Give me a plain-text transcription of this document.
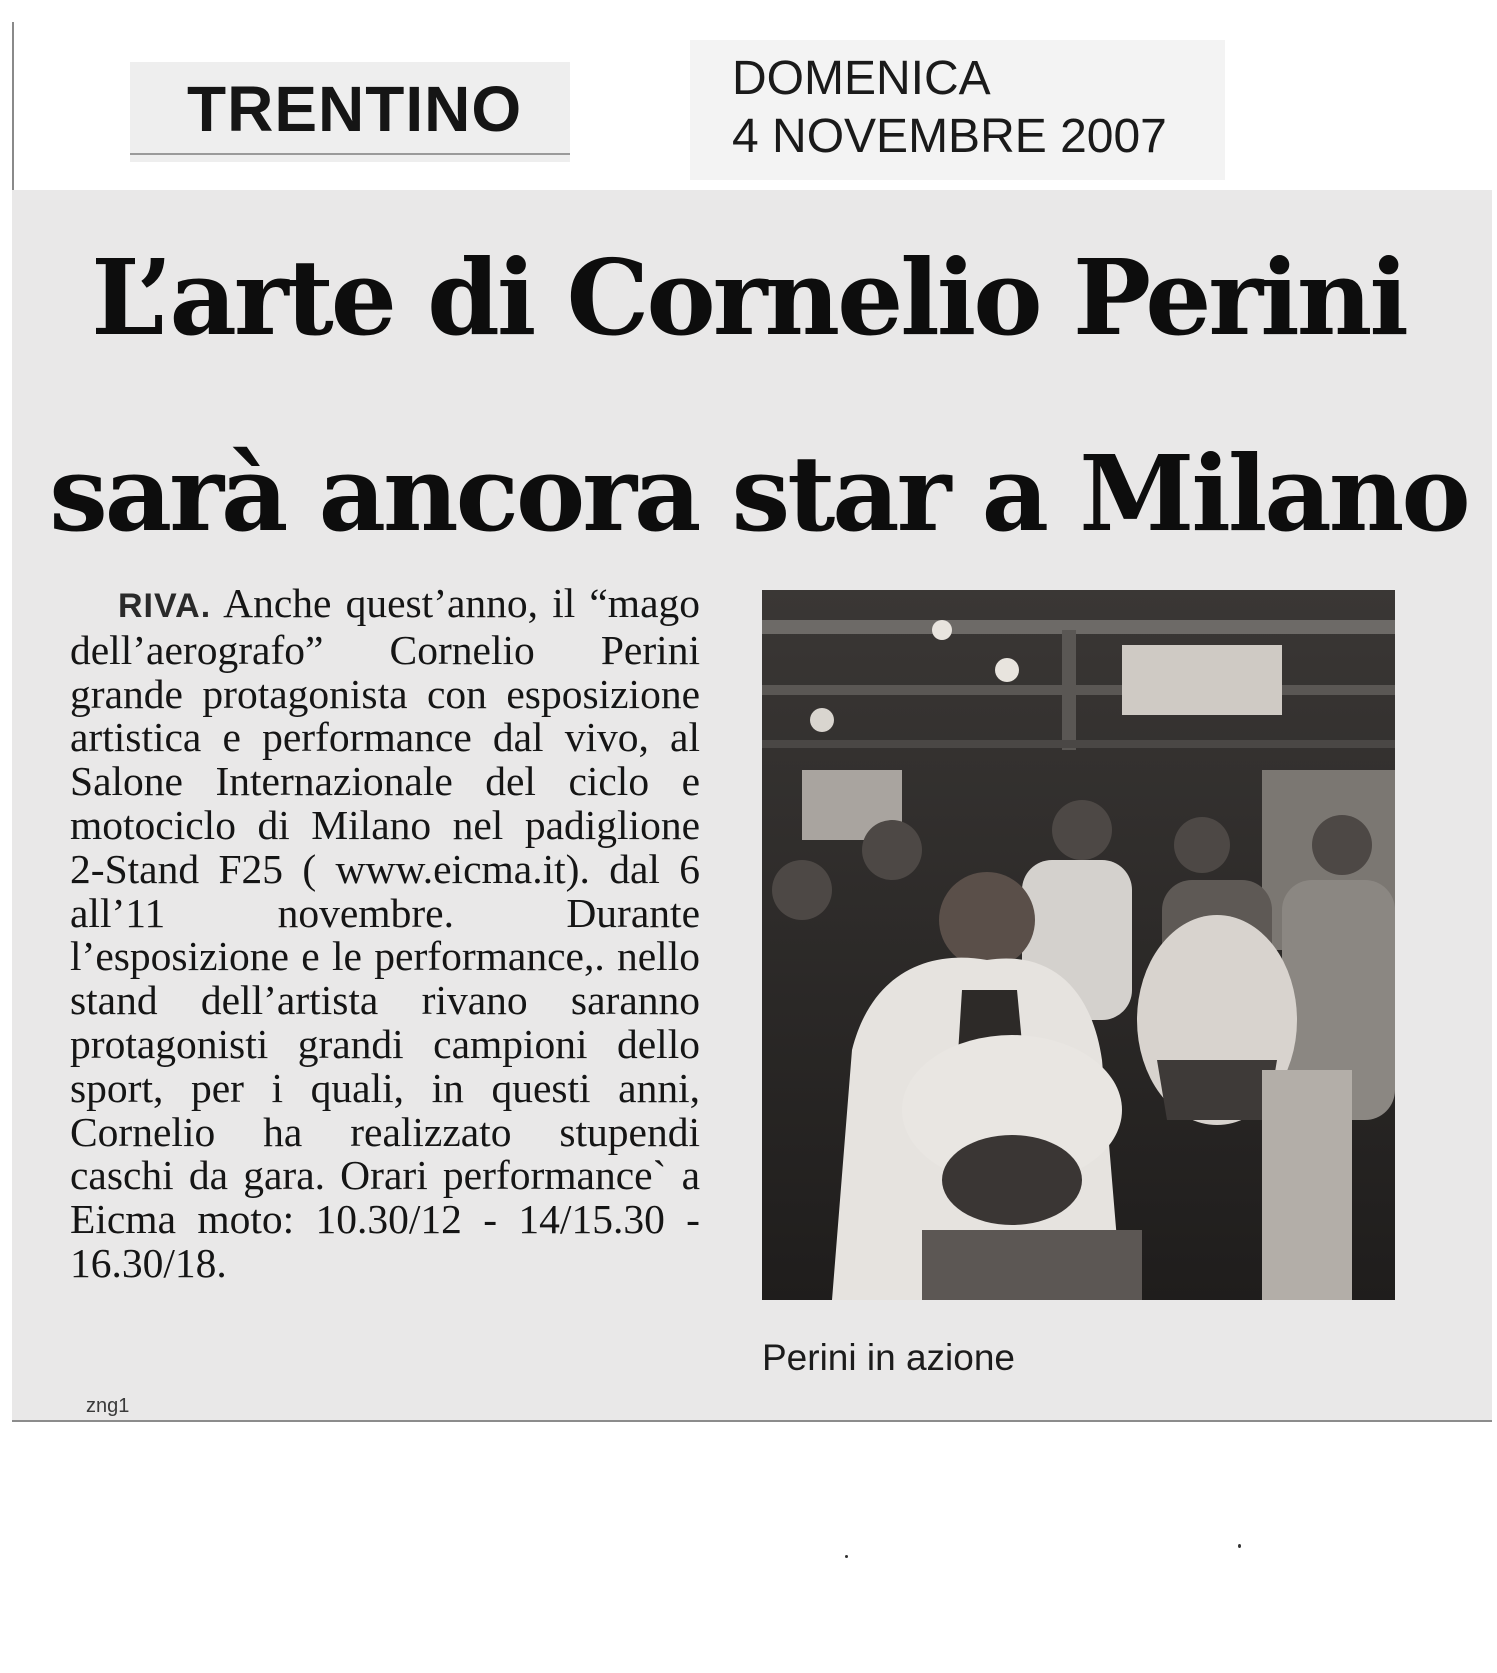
TRENTINO	DOMENICA
4 NOVEMBRE 2007
L’arte di Cornelio Perini
sarà ancora star a Milano

RIVA. Anche quest’anno, il “mago dell’aerografo” Cornelio Perini grande protagonista con esposizione artistica e performance dal vivo, al Salone Internazionale del ciclo e motociclo di Milano nel padiglione 2-Stand F25 ( www.eicma.it). dal 6 all’11 novembre. Durante l’esposizione e le performance,. nello stand dell’artista rivano saranno protagonisti grandi campioni dello sport, per i quali, in questi anni, Cornelio ha realizzato stupendi caschi da gara. Orari performance` a Eicma moto: 10.30/12 - 14/15.30 - 16.30/18.

Perini in azione
zng1
